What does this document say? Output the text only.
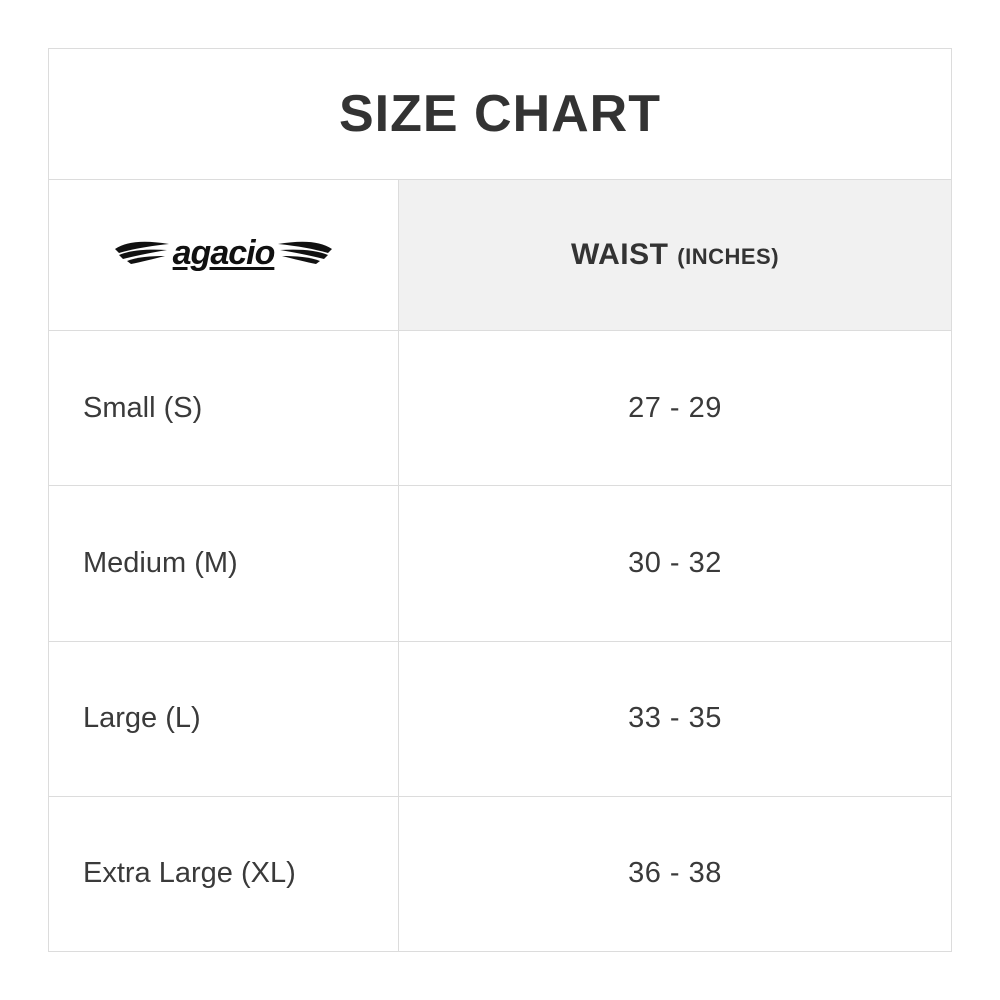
SIZE CHART
agacio	WAIST (INCHES)
Small (S)	27 - 29
Medium (M)	30 - 32
Large (L)	33 - 35
Extra Large (XL)	36 - 38
